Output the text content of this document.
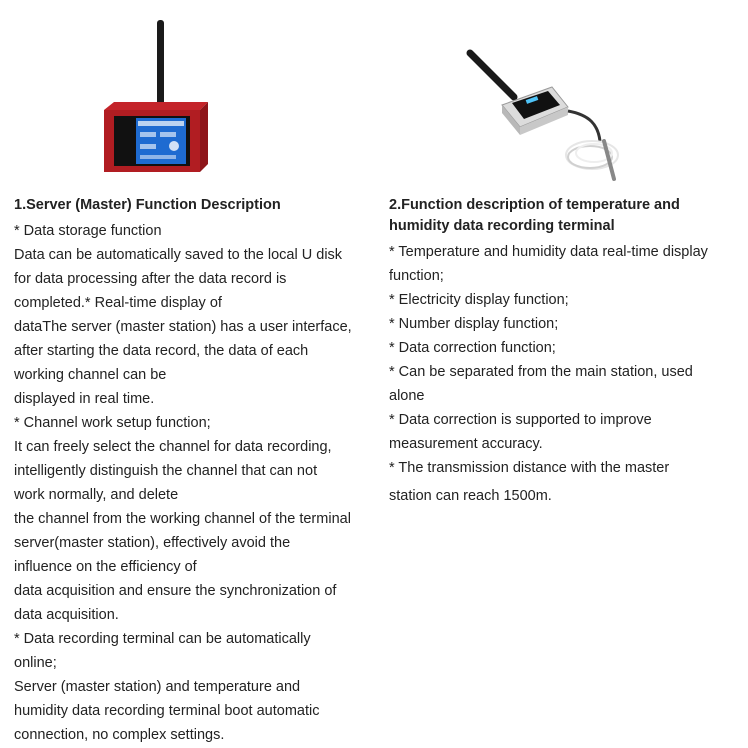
1.Server (Master) Function Description
* Data storage function
Data can be automatically saved to the local U disk
for data processing after the data record is
completed.* Real-time display of
dataThe server (master station) has a user interface,
after starting the data record, the data of each
working channel can be
displayed in real time.
* Channel work setup function;
It can freely select the channel for data recording,
intelligently distinguish the channel that can not
work normally, and delete
the channel from the working channel of the terminal
server(master station), effectively avoid the
influence on the efficiency of
data acquisition and ensure the synchronization of
data acquisition.
* Data recording terminal can be automatically
online;
Server (master station) and temperature and
humidity data recording terminal boot automatic
connection, no complex settings.
2.Function description of temperature and humidity data recording terminal
* Temperature and humidity data real-time display
function;
* Electricity display function;
* Number display function;
* Data correction function;
* Can be separated from the main station, used
alone
* Data correction is supported to improve
measurement accuracy.
* The transmission distance with the master
station can reach 1500m.
